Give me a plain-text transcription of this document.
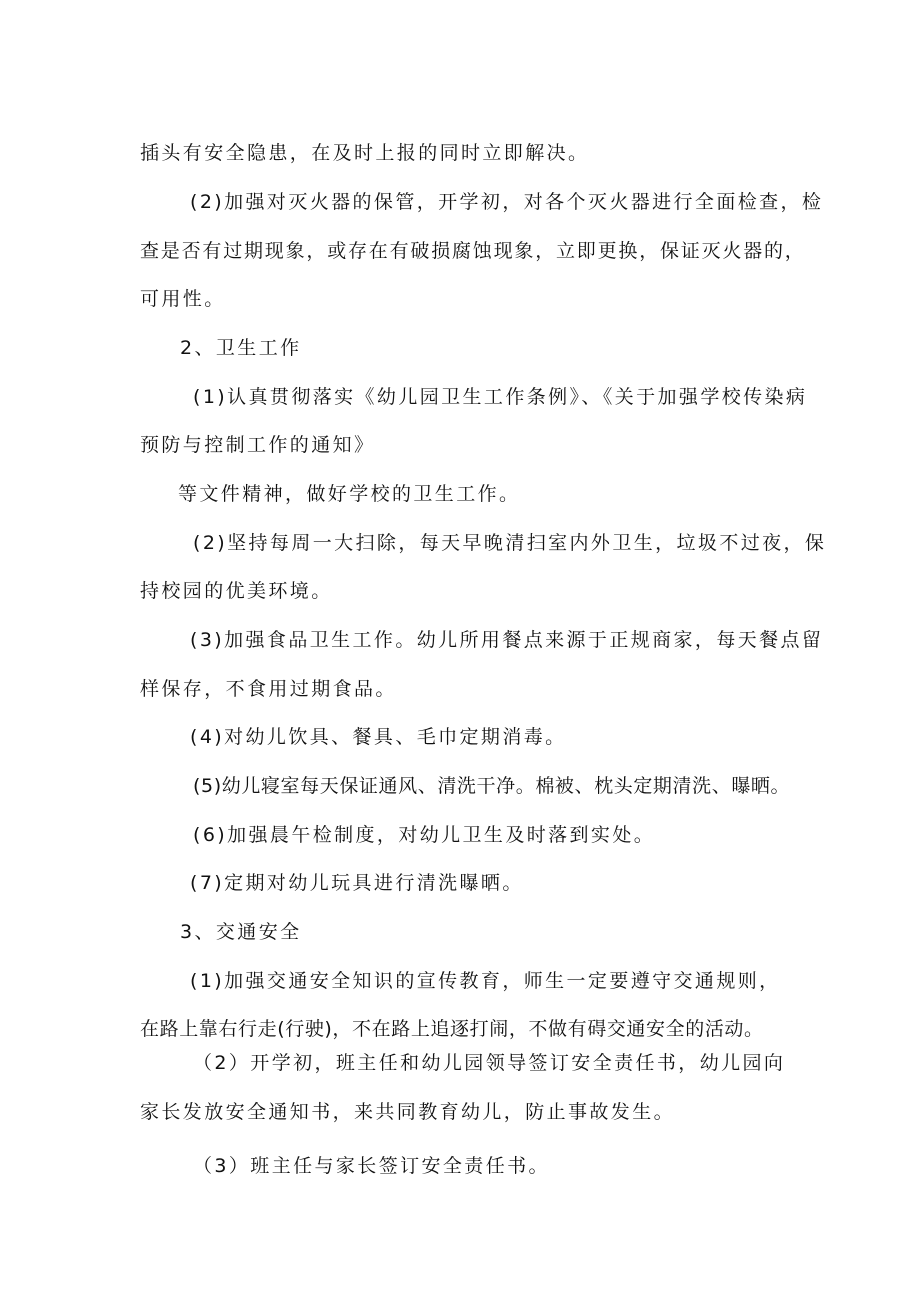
插头有安全隐患，在及时上报的同时立即解决。

(2)加强对灭火器的保管，开学初，对各个灭火器进行全面检查，检

查是否有过期现象，或存在有破损腐蚀现象，立即更换，保证灭火器的，

可用性。

2、卫生工作

(1)认真贯彻落实《幼儿园卫生工作条例》、《关于加强学校传染病

预防与控制工作的通知》

等文件精神，做好学校的卫生工作。

(2)坚持每周一大扫除，每天早晚清扫室内外卫生，垃圾不过夜，保

持校园的优美环境。

(3)加强食品卫生工作。幼儿所用餐点来源于正规商家，每天餐点留

样保存，不食用过期食品。

(4)对幼儿饮具、餐具、毛巾定期消毒。

(5)幼儿寝室每天保证通风、清洗干净。棉被、枕头定期清洗、曝晒。

(6)加强晨午检制度，对幼儿卫生及时落到实处。

(7)定期对幼儿玩具进行清洗曝晒。

3、交通安全

(1)加强交通安全知识的宣传教育，师生一定要遵守交通规则，

在路上靠右行走(行驶)，不在路上追逐打闹，不做有碍交通安全的活动。

（2）开学初，班主任和幼儿园领导签订安全责任书，幼儿园向

家长发放安全通知书，来共同教育幼儿，防止事故发生。

（3）班主任与家长签订安全责任书。
